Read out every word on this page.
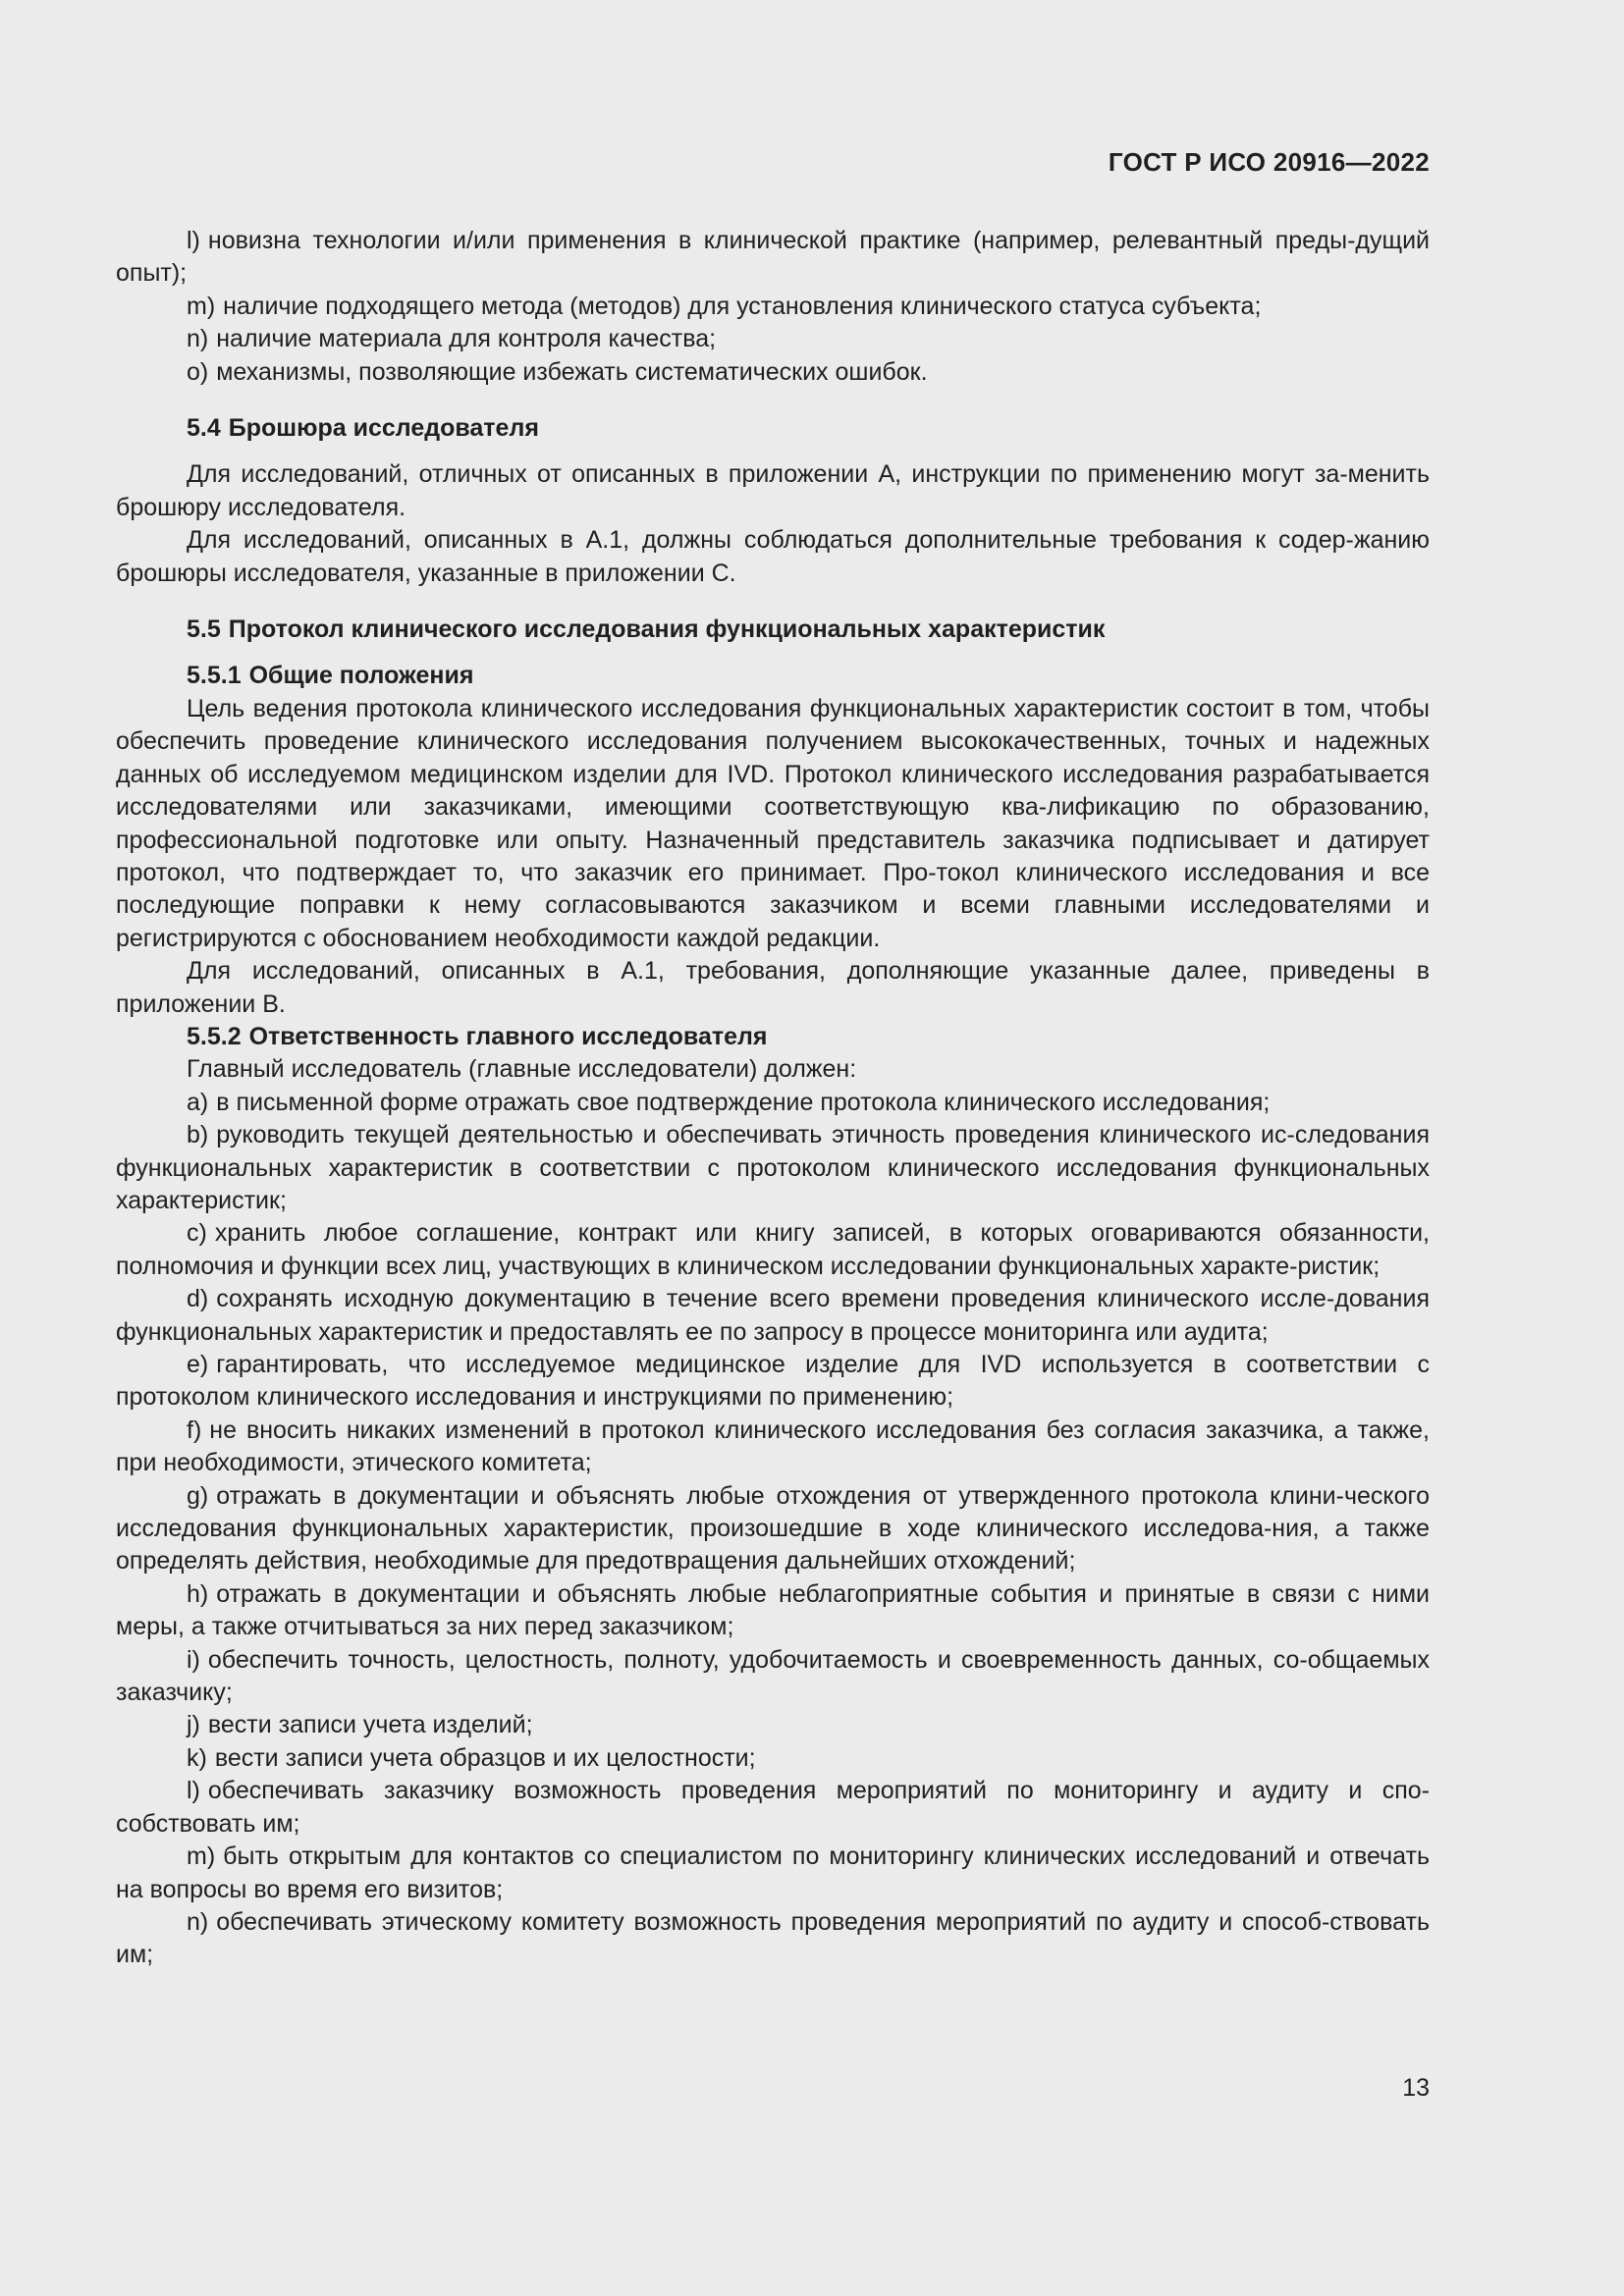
ГОСТ Р ИСО 20916—2022

l) новизна технологии и/или применения в клинической практике (например, релевантный преды-дущий опыт);

m) наличие подходящего метода (методов) для установления клинического статуса субъекта;

n) наличие материала для контроля качества;

o) механизмы, позволяющие избежать систематических ошибок.

5.4 Брошюра исследователя

Для исследований, отличных от описанных в приложении А, инструкции по применению могут за-менить брошюру исследователя.

Для исследований, описанных в А.1, должны соблюдаться дополнительные требования к содер-жанию брошюры исследователя, указанные в приложении С.

5.5 Протокол клинического исследования функциональных характеристик
5.5.1 Общие положения

Цель ведения протокола клинического исследования функциональных характеристик состоит в том, чтобы обеспечить проведение клинического исследования получением высококачественных, точных и надежных данных об исследуемом медицинском изделии для IVD. Протокол клинического исследования разрабатывается исследователями или заказчиками, имеющими соответствующую ква-лификацию по образованию, профессиональной подготовке или опыту. Назначенный представитель заказчика подписывает и датирует протокол, что подтверждает то, что заказчик его принимает. Про-токол клинического исследования и все последующие поправки к нему согласовываются заказчиком и всеми главными исследователями и регистрируются с обоснованием необходимости каждой редакции.

Для исследований, описанных в А.1, требования, дополняющие указанные далее, приведены в приложении В.

5.5.2 Ответственность главного исследователя

Главный исследователь (главные исследователи) должен:

a) в письменной форме отражать свое подтверждение протокола клинического исследования;

b) руководить текущей деятельностью и обеспечивать этичность проведения клинического ис-следования функциональных характеристик в соответствии с протоколом клинического исследования функциональных характеристик;

c) хранить любое соглашение, контракт или книгу записей, в которых оговариваются обязанности, полномочия и функции всех лиц, участвующих в клиническом исследовании функциональных характе-ристик;

d) сохранять исходную документацию в течение всего времени проведения клинического иссле-дования функциональных характеристик и предоставлять ее по запросу в процессе мониторинга или аудита;

e) гарантировать, что исследуемое медицинское изделие для IVD используется в соответствии с протоколом клинического исследования и инструкциями по применению;

f) не вносить никаких изменений в протокол клинического исследования без согласия заказчика, а также, при необходимости, этического комитета;

g) отражать в документации и объяснять любые отхождения от утвержденного протокола клини-ческого исследования функциональных характеристик, произошедшие в ходе клинического исследова-ния, а также определять действия, необходимые для предотвращения дальнейших отхождений;

h) отражать в документации и объяснять любые неблагоприятные события и принятые в связи с ними меры, а также отчитываться за них перед заказчиком;

i) обеспечить точность, целостность, полноту, удобочитаемость и своевременность данных, со-общаемых заказчику;

j) вести записи учета изделий;

k) вести записи учета образцов и их целостности;

l) обеспечивать заказчику возможность проведения мероприятий по мониторингу и аудиту и спо-собствовать им;

m) быть открытым для контактов со специалистом по мониторингу клинических исследований и отвечать на вопросы во время его визитов;

n) обеспечивать этическому комитету возможность проведения мероприятий по аудиту и способ-ствовать им;

13
